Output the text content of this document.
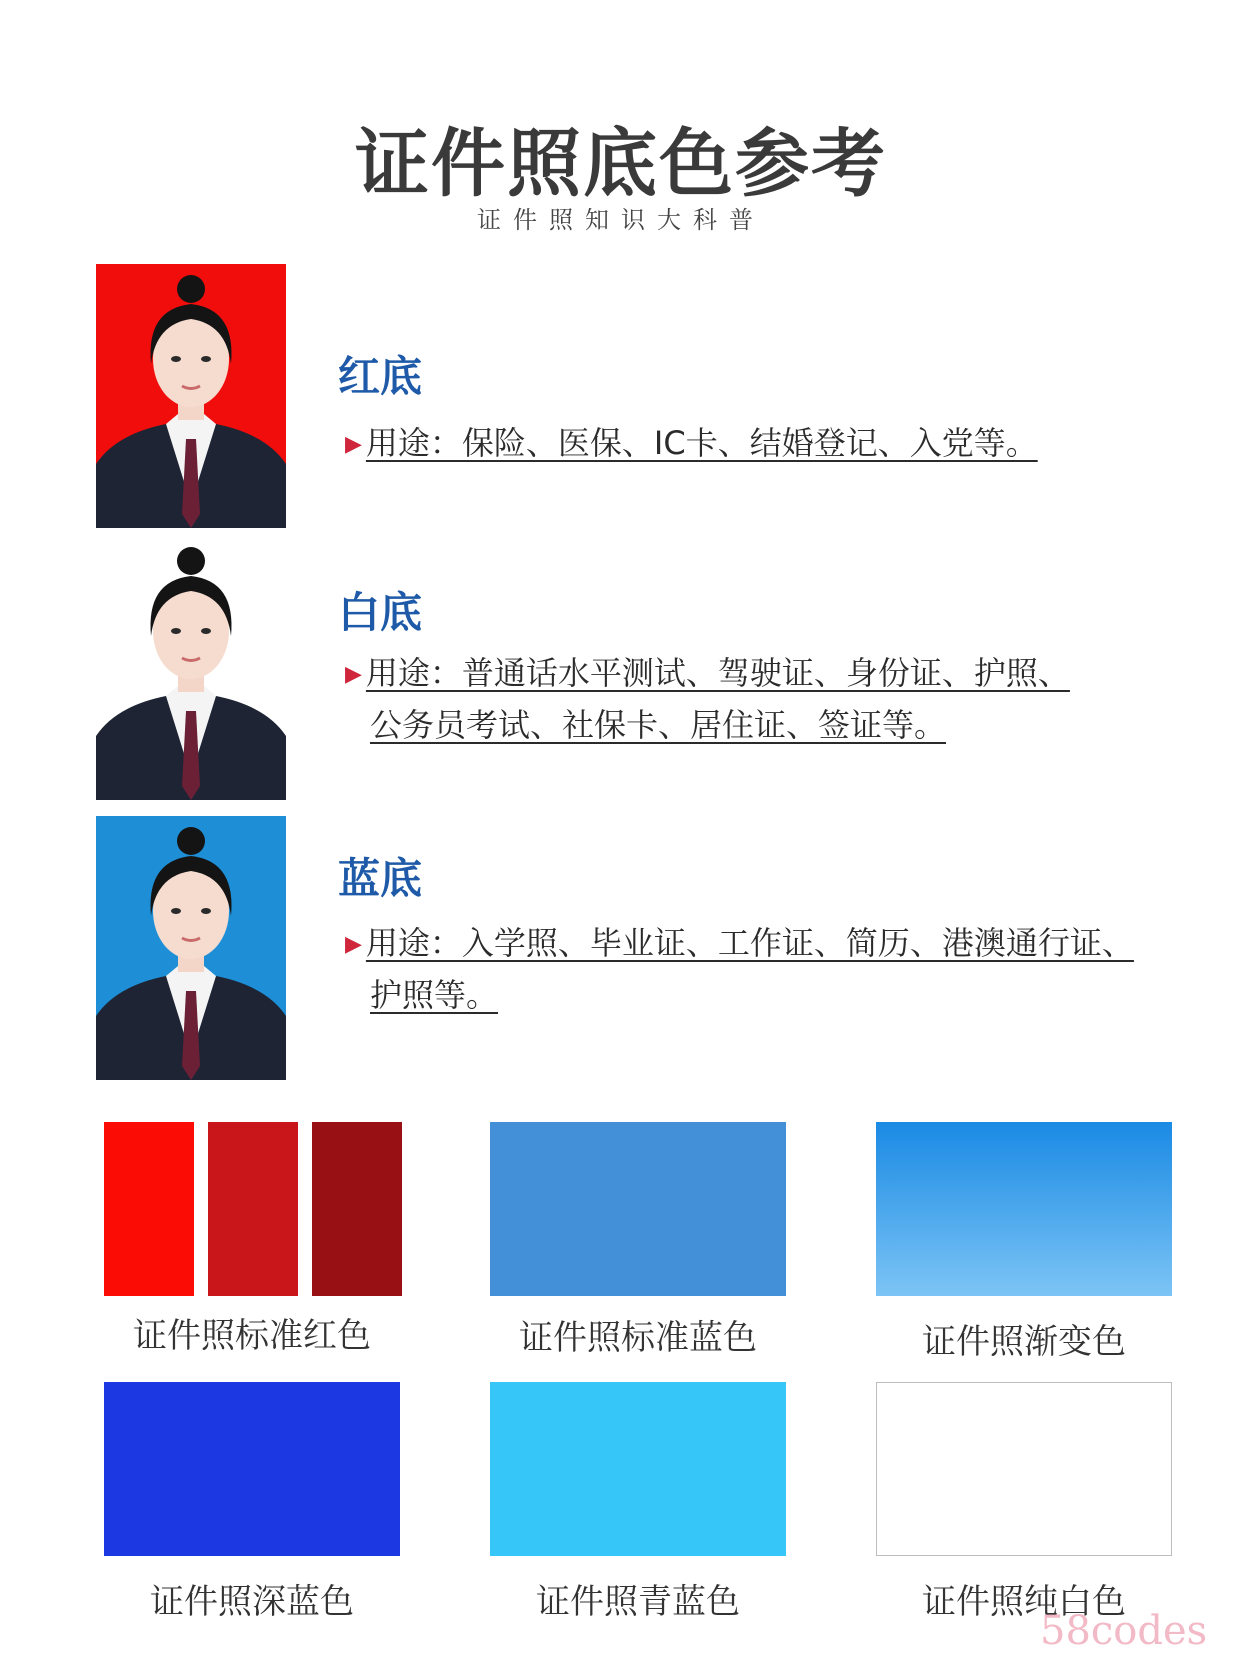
证件照底色参考
证件照知识大科普
红底
▶ 用途：保险、医保、IC卡、结婚登记、入党等。
白底
▶ 用途：普通话水平测试、驾驶证、身份证、护照、
公务员考试、社保卡、居住证、签证等。
蓝底
▶ 用途：入学照、毕业证、工作证、简历、港澳通行证、
护照等。
证件照标准红色	证件照标准蓝色	证件照渐变色
证件照深蓝色	证件照青蓝色	证件照纯白色
58codes
